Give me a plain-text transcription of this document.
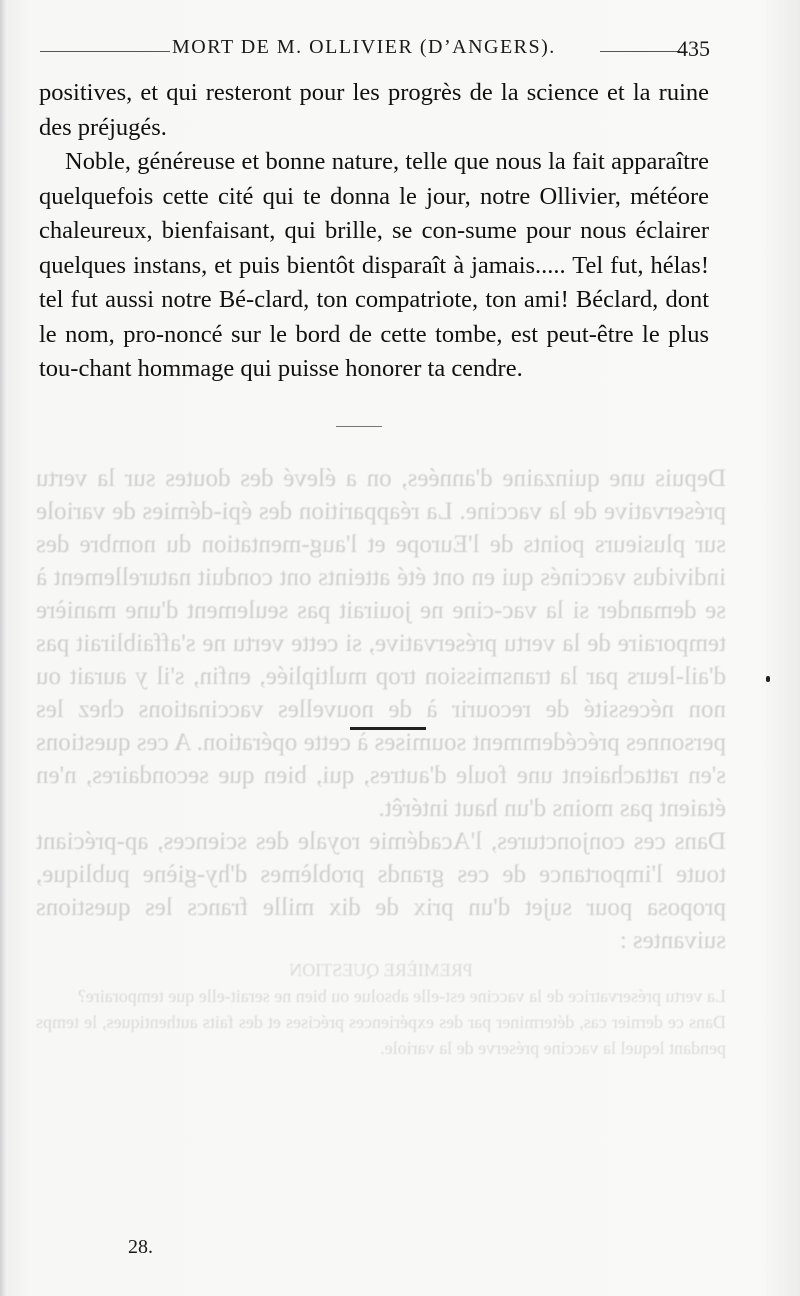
MORT DE M. OLLIVIER (D’ANGERS).	435

positives, et qui resteront pour les progrès de la science et la ruine des préjugés.

Noble, généreuse et bonne nature, telle que nous la fait apparaître quelquefois cette cité qui te donna le jour, notre Ollivier, météore chaleureux, bienfaisant, qui brille, se con-sume pour nous éclairer quelques instans, et puis bientôt disparaît à jamais..... Tel fut, hélas! tel fut aussi notre Bé-clard, ton compatriote, ton ami! Béclard, dont le nom, pro-noncé sur le bord de cette tombe, est peut-être le plus tou-chant hommage qui puisse honorer ta cendre.

Depuis une quinzaine d'années, on a élevé des doutes sur la vertu préservative de la vaccine. La réapparition des épi-démies de variole sur plusieurs points de l'Europe et l'aug-mentation du nombre des individus vaccinés qui en ont été atteints ont conduit naturellement à se demander si la vac-cine ne jouirait pas seulement d'une manière temporaire de la vertu préservative, si cette vertu ne s'affaiblirait pas d'ail-leurs par la transmission trop multipliée, enfin, s'il y aurait ou non nécessité de recourir à de nouvelles vaccinations chez les personnes précédemment soumises à cette opération. A ces questions s'en rattachaient une foule d'autres, qui, bien que secondaires, n'en étaient pas moins d'un haut intérêt.

Dans ces conjonctures, l'Académie royale des sciences, ap-préciant toute l'importance de ces grands problèmes d'hy-giène publique, proposa pour sujet d'un prix de dix mille francs les questions suivantes :

PREMIÈRE QUESTION

La vertu préservatrice de la vaccine est-elle absolue ou bien ne serait-elle que temporaire?

Dans ce dernier cas, déterminer par des expériences précises et des faits authentiques, le temps pendant lequel la vaccine préserve de la variole.

28.
